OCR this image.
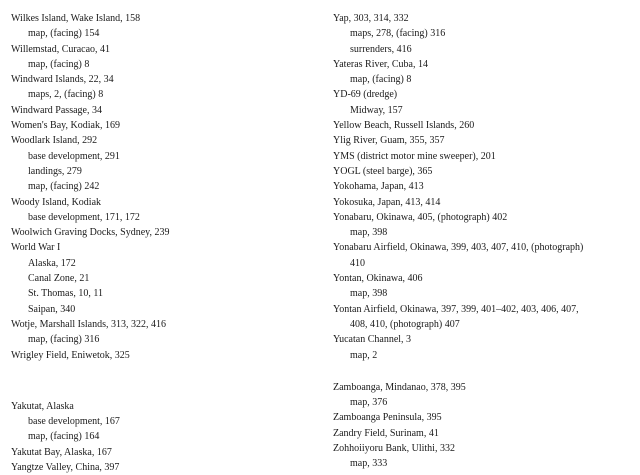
Wilkes Island, Wake Island, 158
map, (facing) 154
Willemstad, Curacao, 41
map, (facing) 8
Windward Islands, 22, 34
maps, 2, (facing) 8
Windward Passage, 34
Women's Bay, Kodiak, 169
Woodlark Island, 292
base development, 291
landings, 279
map, (facing) 242
Woody Island, Kodiak
base development, 171, 172
Woolwich Graving Docks, Sydney, 239
World War I
Alaska, 172
Canal Zone, 21
St. Thomas, 10, 11
Saipan, 340
Wotje, Marshall Islands, 313, 322, 416
map, (facing) 316
Wrigley Field, Eniwetok, 325
Yakutat, Alaska
base development, 167
map, (facing) 164
Yakutat Bay, Alaska, 167
Yangtze Valley, China, 397
Yap, 303, 314, 332
maps, 278, (facing) 316
surrenders, 416
Yateras River, Cuba, 14
map, (facing) 8
YD-69 (dredge)
Midway, 157
Yellow Beach, Russell Islands, 260
Ylig River, Guam, 355, 357
YMS (district motor mine sweeper), 201
YOGL (steel barge), 365
Yokohama, Japan, 413
Yokosuka, Japan, 413, 414
Yonabaru, Okinawa, 405, (photograph) 402
map, 398
Yonabaru Airfield, Okinawa, 399, 403, 407, 410, (photograph)
410
Yontan, Okinawa, 406
map, 398
Yontan Airfield, Okinawa, 397, 399, 401–402, 403, 406, 407,
408, 410, (photograph) 407
Yucatan Channel, 3
map, 2
Zamboanga, Mindanao, 378, 395
map, 376
Zamboanga Peninsula, 395
Zandry Field, Surinam, 41
Zohhoiiyoru Bank, Ulithi, 332
map, 333
